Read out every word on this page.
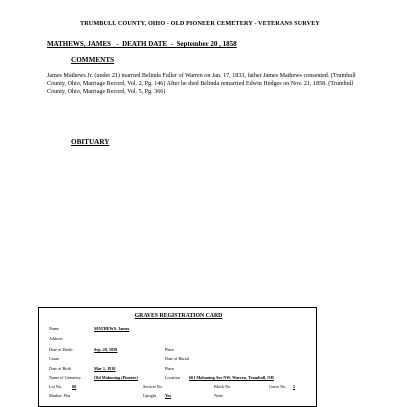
TRUMBULL COUNTY, OHIO - OLD PIONEER CEMETERY - VETERANS SURVEY
MATHEWS, JAMES   -  DEATH DATE  -  September 20 , 1858
COMMENTS
James Mathews Jr. (under 21) married Belinda Fuller of Warren on Jan. 17, 1833, father James Mathews consented. (Trumbull County, Ohio, Marriage Record, Vol. 2, Pg. 146) After he died Belinda remarried Edwin Hedges on Nov. 21, 1858. (Trumbull County, Ohio, Marriage Record, Vol. 5, Pg. 366)
OBITUARY
GRAVES REGISTRATION CARD
Name	MATHEWS, James
Address
Date of Death	Sep. 20, 1858	Place
Cause	Date of Burial
Date of Birth	Mar 1, 1810	Place
Name of Cemetery	Old Mahoning (Pioneer)	Location 661 Mahoning Ave NW, Warren, Trumbull, OH
Lot No. 60	Section No.	Block No.	Grave No. 2
Marker: Flat	Upright Yes	None
